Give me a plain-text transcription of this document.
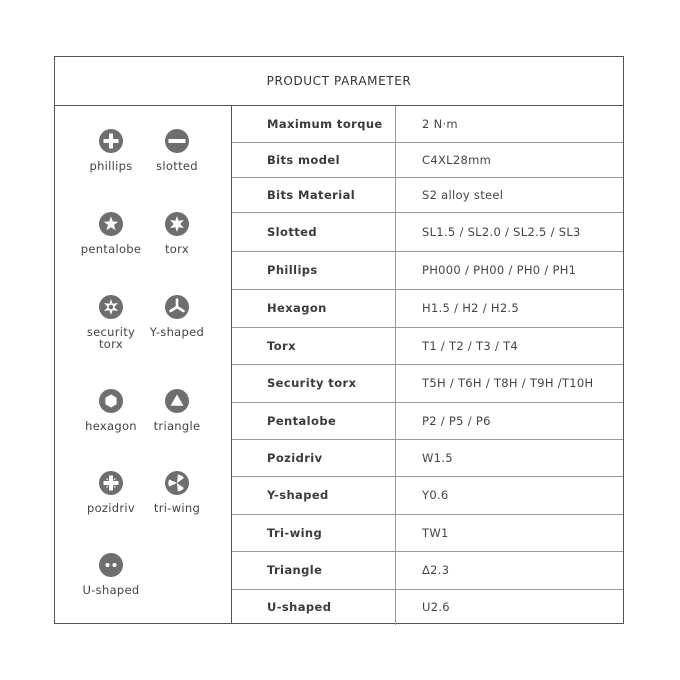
PRODUCT PARAMETER
phillips	slotted
pentalobe	torx
security torx
Y-shaped
hexagon	triangle
pozidriv	tri-wing
U-shaped
Maximum torque	2 N·m
Bits model	C4XL28mm
Bits Material	S2 alloy steel
Slotted	SL1.5 / SL2.0 / SL2.5 / SL3
Phillips	PH000 / PH00 / PH0 / PH1
Hexagon	H1.5 / H2 / H2.5
Torx	T1 / T2 / T3 / T4
Security torx	T5H / T6H / T8H / T9H /T10H
Pentalobe	P2 / P5 / P6
Pozidriv	W1.5
Y-shaped	Y0.6
Tri-wing	TW1
Triangle	Δ2.3
U-shaped	U2.6
